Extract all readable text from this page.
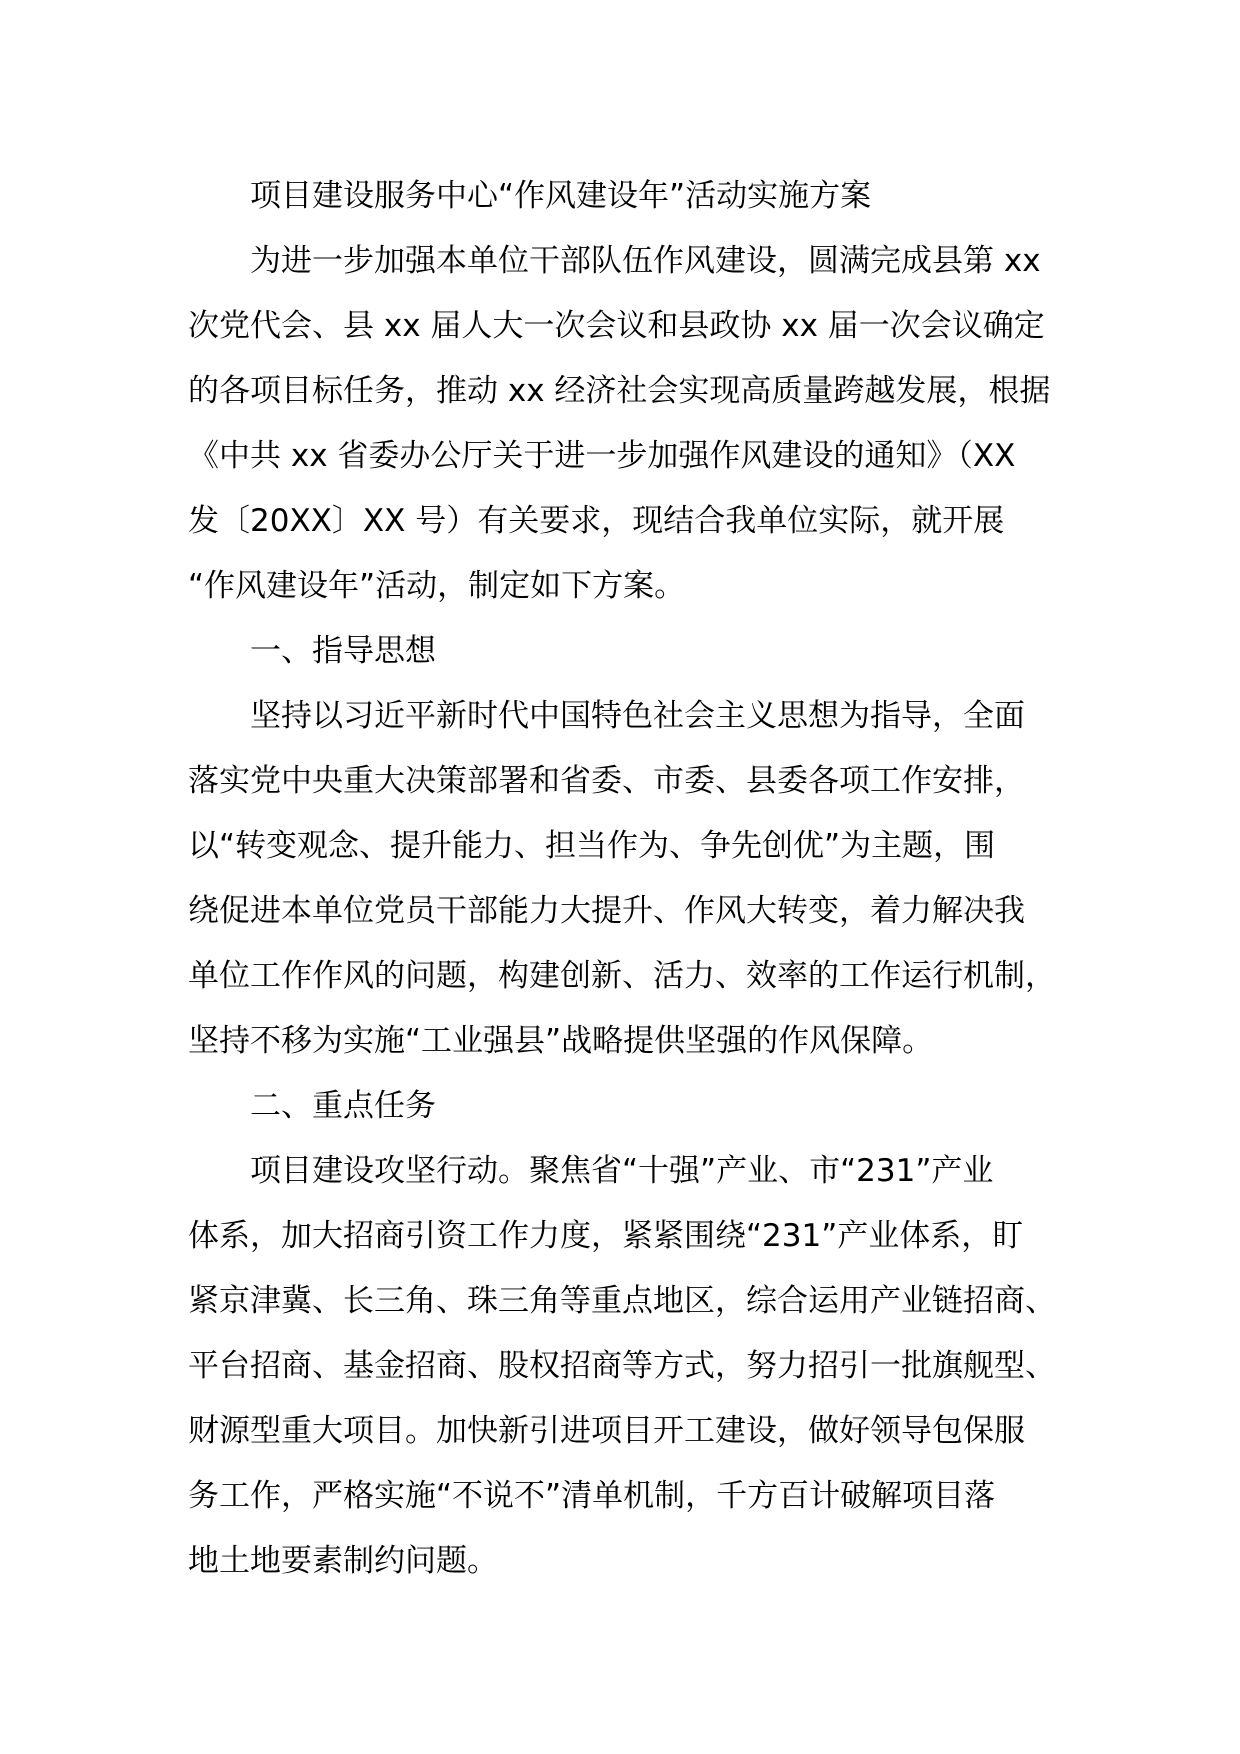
项目建设服务中心“作风建设年”活动实施方案
为进一步加强本单位干部队伍作风建设，圆满完成县第 xx
次党代会、县 xx 届人大一次会议和县政协 xx 届一次会议确定
的各项目标任务，推动 xx 经济社会实现高质量跨越发展，根据
《中共 xx 省委办公厅关于进一步加强作风建设的通知》（XX
发〔20XX〕XX 号）有关要求，现结合我单位实际，就开展
“作风建设年”活动，制定如下方案。
一、指导思想
坚持以习近平新时代中国特色社会主义思想为指导，全面
落实党中央重大决策部署和省委、市委、县委各项工作安排，
以“转变观念、提升能力、担当作为、争先创优”为主题，围
绕促进本单位党员干部能力大提升、作风大转变，着力解决我
单位工作作风的问题，构建创新、活力、效率的工作运行机制，
坚持不移为实施“工业强县”战略提供坚强的作风保障。
二、重点任务
项目建设攻坚行动。聚焦省“十强”产业、市“231”产业
体系，加大招商引资工作力度，紧紧围绕“231”产业体系，盯
紧京津冀、长三角、珠三角等重点地区，综合运用产业链招商、
平台招商、基金招商、股权招商等方式，努力招引一批旗舰型、
财源型重大项目。加快新引进项目开工建设，做好领导包保服
务工作，严格实施“不说不”清单机制，千方百计破解项目落
地土地要素制约问题。
